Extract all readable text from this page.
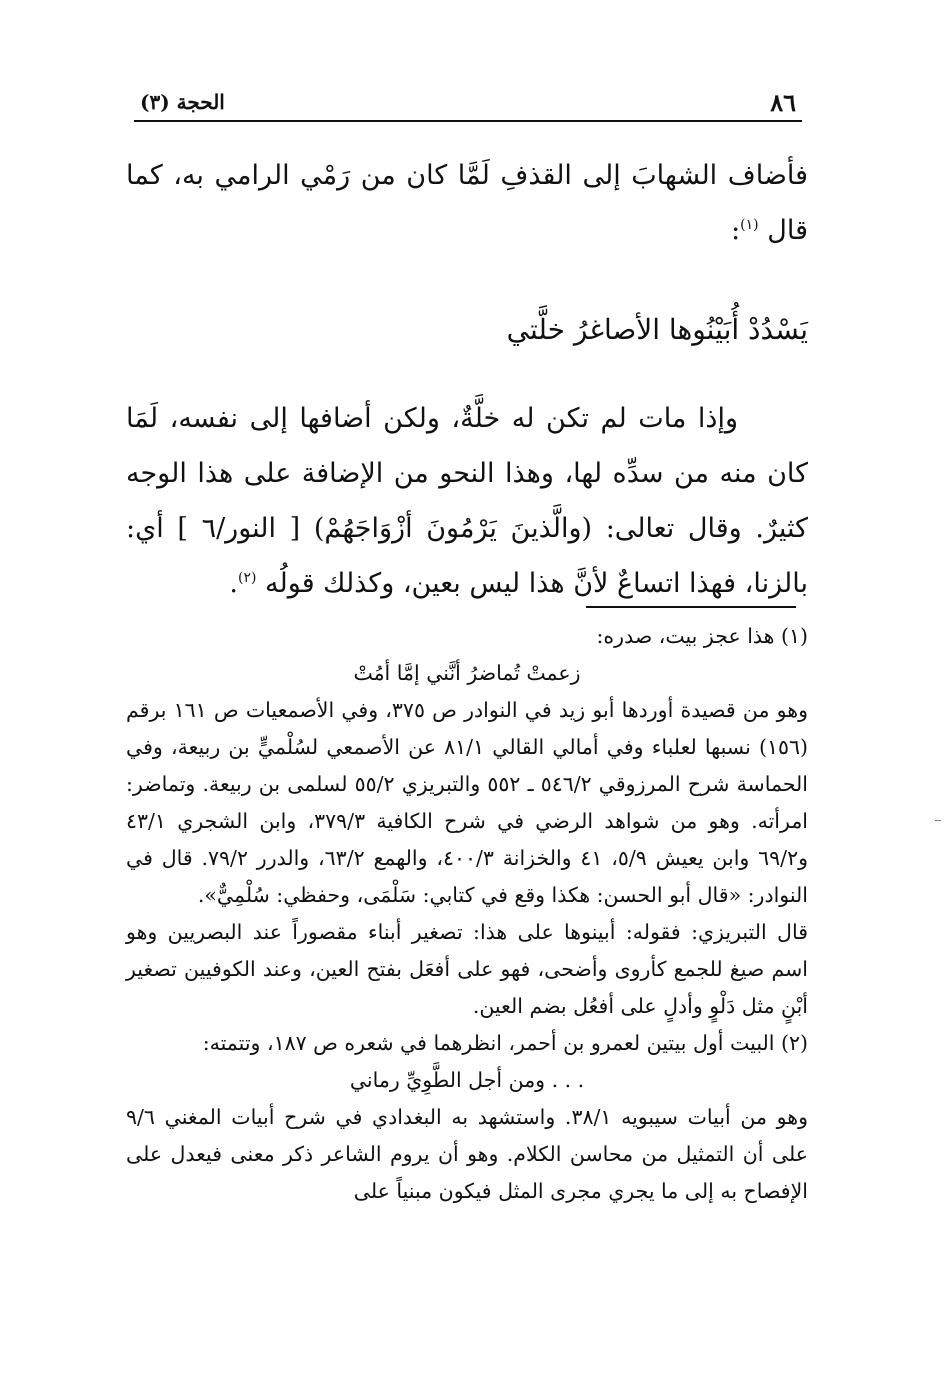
٨٦
الحجة (٣)

فأضاف الشهابَ إلى القذفِ لَمَّا كان من رَمْي الرامي به، كما قال $^{(١)}$:

يَسْدُدْ أُبَيْنُوها الأصاغرُ خلَّتي

وإذا مات لم تكن له خلَّةٌ، ولكن أضافها إلى نفسه، لَمَا كان منه من سدِّه لها، وهذا النحو من الإضافة على هذا الوجه كثيرٌ. وقال تعالى: (والَّذينَ يَرْمُونَ أزْوَاجَهُمْ) [ النور/٦ ] أي: بالزنا، فهذا اتساعٌ لأنَّ هذا ليس بعين، وكذلك قولُه $^{(٢)}$.

(١) هذا عجز بيت، صدره:

زعمتْ تُماضرُ أنَّني إمَّا أمُتْ

وهو من قصيدة أوردها أبو زيد في النوادر ص ٣٧٥، وفي الأصمعيات ص ١٦١ برقم (١٥٦) نسبها لعلباء وفي أمالي القالي ٨١/١ عن الأصمعي لسُلْميٍّ بن ربيعة، وفي الحماسة شرح المرزوقي ٥٤٦/٢ ـ ٥٥٢ والتبريزي ٥٥/٢ لسلمى بن ربيعة. وتماضر: امرأته. وهو من شواهد الرضي في شرح الكافية ٣٧٩/٣، وابن الشجري ٤٣/١ و٦٩/٢ وابن يعيش ٥/٩، ٤١ والخزانة ٤٠٠/٣، والهمع ٦٣/٢، والدرر ٧٩/٢. قال في النوادر: «قال أبو الحسن: هكذا وقع في كتابي: سَلْمَى، وحفظي: سُلْمِيٌّ».

قال التبريزي: فقوله: أبينوها على هذا: تصغير أبناء مقصوراً عند البصريين وهو اسم صيغ للجمع كأروى وأضحى، فهو على أفعَل بفتح العين، وعند الكوفيين تصغير أبْنٍ مثل دَلْوٍ وأدلٍ على أفعُل بضم العين.

(٢) البيت أول بيتين لعمرو بن أحمر، انظرهما في شعره ص ١٨٧، وتتمته:

. . . ومن أجل الطَّوِيِّ رماني

وهو من أبيات سيبويه ٣٨/١. واستشهد به البغدادي في شرح أبيات المغني ٩/٦ على أن التمثيل من محاسن الكلام. وهو أن يروم الشاعر ذكر معنى فيعدل على الإفصاح به إلى ما يجري مجرى المثل فيكون مبنياً على
